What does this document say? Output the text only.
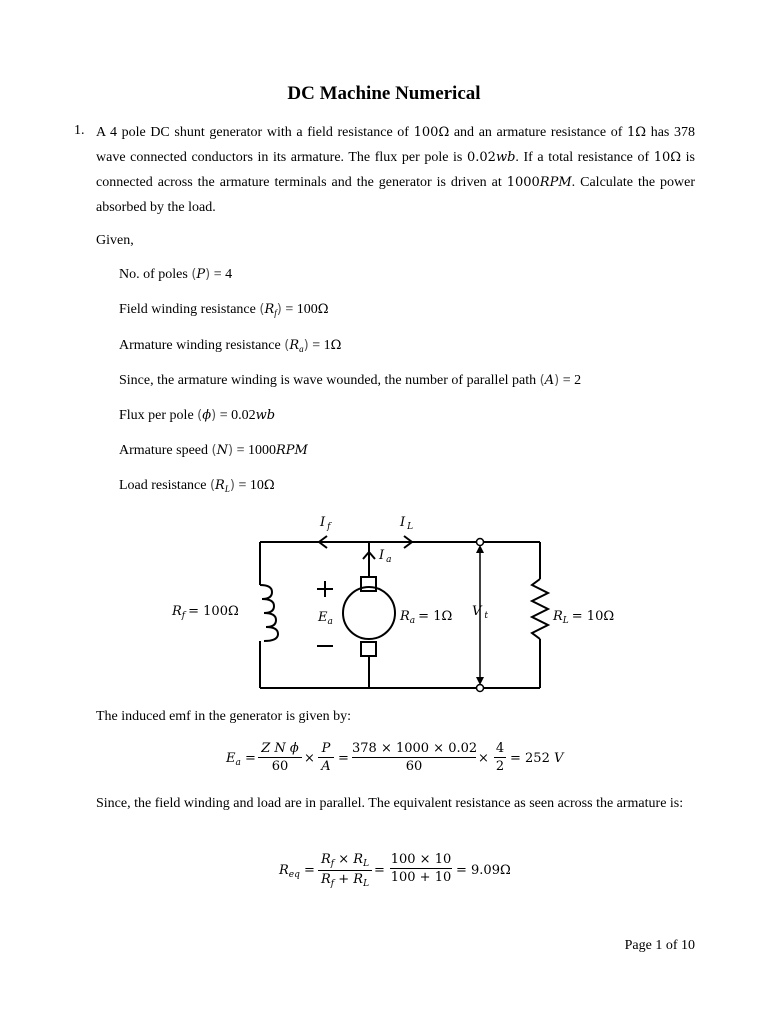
DC Machine Numerical
1. A 4 pole DC shunt generator with a field resistance of 100Ω and an armature resistance of 1Ω has 378 wave connected conductors in its armature. The flux per pole is 0.02wb. If a total resistance of 10Ω is connected across the armature terminals and the generator is driven at 1000RPM. Calculate the power absorbed by the load.
Given,
No. of poles (P) = 4
Field winding resistance $(R_f) = 100\Omega$
Armature winding resistance $(R_a) = 1\Omega$
Since, the armature winding is wave wounded, the number of parallel path (A) = 2
Flux per pole (ϕ) = 0.02wb
Armature speed (N) = 1000RPM
Load resistance $(R_L) = 10\Omega$
I $_f$	I $_L$
I $_a$
$R_f = 100\Omega$	$E_a$	$R_a = 1\Omega$ V $_t$	$R_L = 10\Omega$
The induced emf in the generator is given by:
$E_a$ =
Z N ϕ
60
×
P
A
=
378 × 1000 × 0.02
60
×
4
2
= 252 V
Since, the field winding and load are in parallel. The equivalent resistance as seen across the armature is:
$R_{eq}$ =
$R_f \times R_L$
$R_f + R_L$
=
100 × 10
100 + 10 = 9.09Ω
Page 1 of 10
